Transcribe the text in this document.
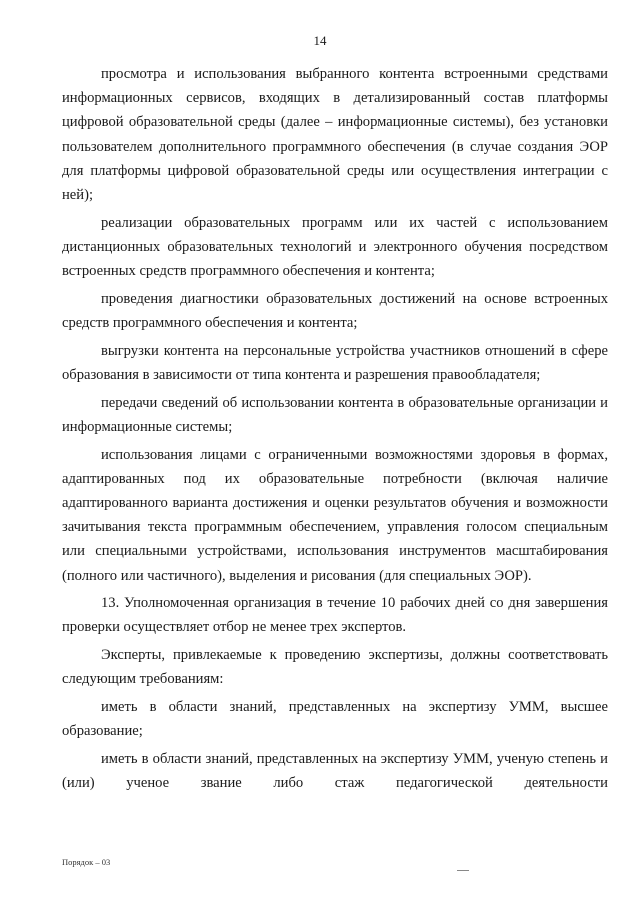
14

просмотра и использования выбранного контента встроенными средствами информационных сервисов, входящих в детализированный состав платформы цифровой образовательной среды (далее – информационные системы), без установки пользователем дополнительного программного обеспечения (в случае создания ЭОР для платформы цифровой образовательной среды или осуществления интеграции с ней);

реализации образовательных программ или их частей с использованием дистанционных образовательных технологий и электронного обучения посредством встроенных средств программного обеспечения и контента;

проведения диагностики образовательных достижений на основе встроенных средств программного обеспечения и контента;

выгрузки контента на персональные устройства участников отношений в сфере образования в зависимости от типа контента и разрешения правообладателя;

передачи сведений об использовании контента в образовательные организации и информационные системы;

использования лицами с ограниченными возможностями здоровья в формах, адаптированных под их образовательные потребности (включая наличие адаптированного варианта достижения и оценки результатов обучения и возможности зачитывания текста программным обеспечением, управления голосом специальным или специальными устройствами, использования инструментов масштабирования (полного или частичного), выделения и рисования (для специальных ЭОР).

13. Уполномоченная организация в течение 10 рабочих дней со дня завершения проверки осуществляет отбор не менее трех экспертов.

Эксперты, привлекаемые к проведению экспертизы, должны соответствовать следующим требованиям:

иметь в области знаний, представленных на экспертизу УММ, высшее образование;

иметь в области знаний, представленных на экспертизу УММ, ученую степень и (или) ученое звание либо стаж педагогической деятельности

Порядок – 03
